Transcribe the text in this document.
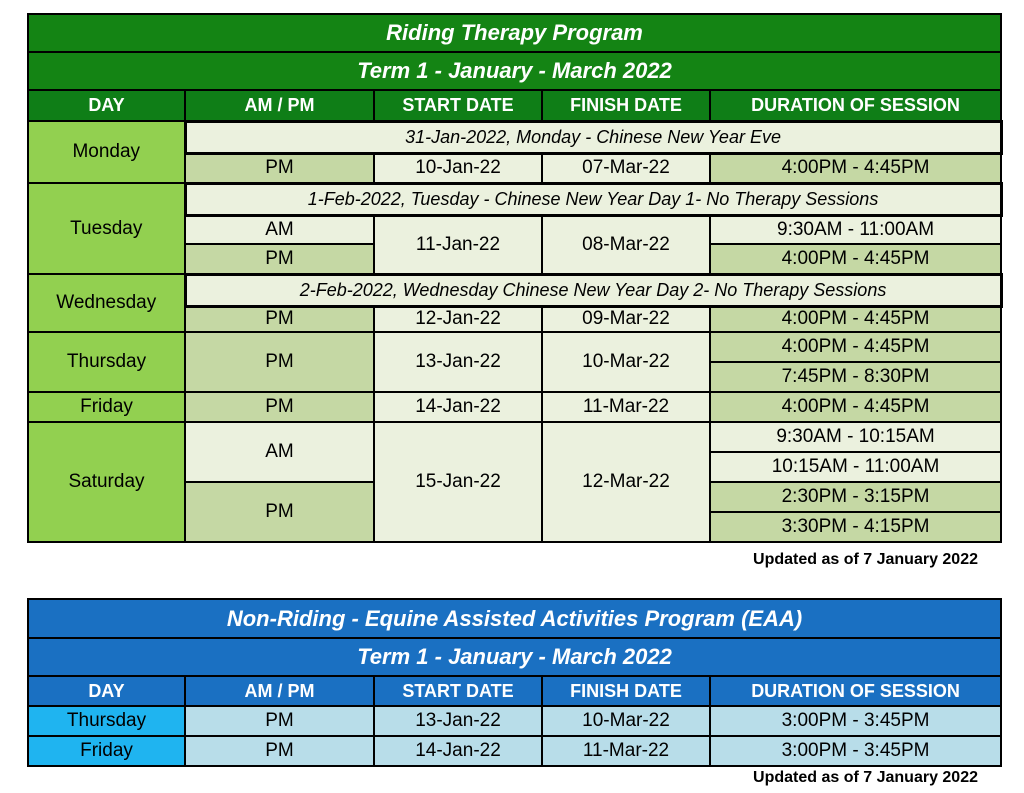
Riding Therapy Program				
Term 1 - January - March 2022				
DAY	AM / PM	START DATE	FINISH DATE	DURATION OF SESSION
Monday	31-Jan-2022, Monday - Chinese New Year Eve			
	PM	10-Jan-22	07-Mar-22	4:00PM - 4:45PM
Tuesday	1-Feb-2022, Tuesday - Chinese New Year Day 1- No Therapy Sessions			
	AM	11-Jan-22	08-Mar-22	9:30AM - 11:00AM
	PM			4:00PM - 4:45PM
Wednesday	2-Feb-2022, Wednesday Chinese New Year Day 2- No Therapy Sessions			
	PM	12-Jan-22	09-Mar-22	4:00PM - 4:45PM
Thursday	PM	13-Jan-22	10-Mar-22	4:00PM - 4:45PM
				7:45PM - 8:30PM
Friday	PM	14-Jan-22	11-Mar-22	4:00PM - 4:45PM
Saturday	AM	15-Jan-22	12-Mar-22	9:30AM - 10:15AM
				10:15AM - 11:00AM
	PM			2:30PM - 3:15PM
				3:30PM - 4:15PM
Updated as of 7 January 2022
Non-Riding - Equine Assisted Activities Program (EAA)				
Term 1 - January - March 2022				
DAY	AM / PM	START DATE	FINISH DATE	DURATION OF SESSION
Thursday	PM	13-Jan-22	10-Mar-22	3:00PM - 3:45PM
Friday	PM	14-Jan-22	11-Mar-22	3:00PM - 3:45PM
Updated as of 7 January 2022
